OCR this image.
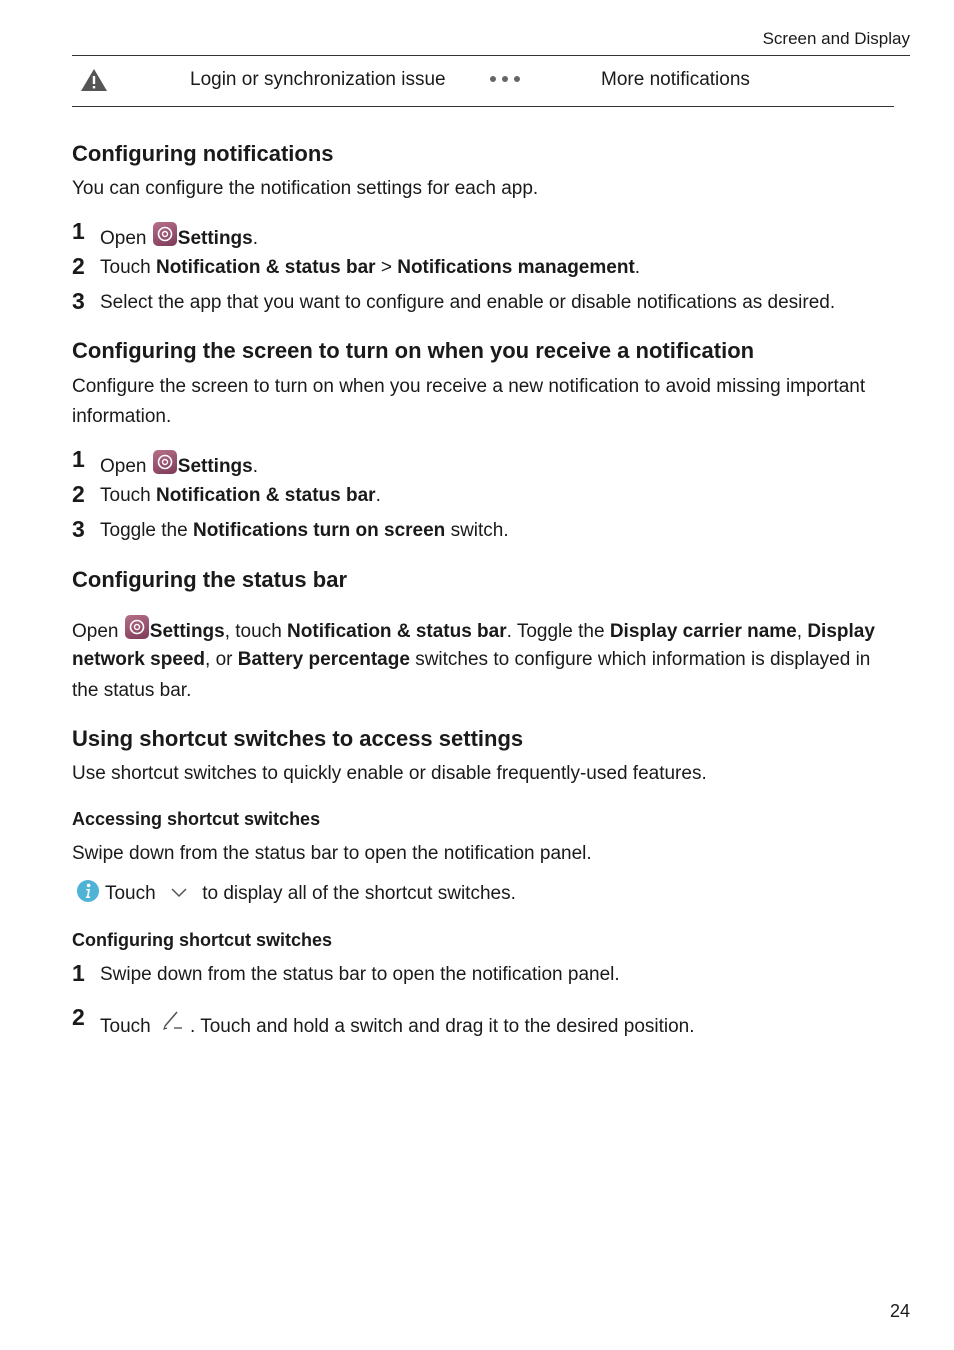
Screen and Display
Login or synchronization issue	More notifications
Configuring notifications
You can configure the notification settings for each app.
1 Open Settings.
2 Touch Notification & status bar > Notifications management.
3 Select the app that you want to configure and enable or disable notifications as desired.
Configuring the screen to turn on when you receive a notification
Configure the screen to turn on when you receive a new notification to avoid missing important
information.
1 Open Settings.
2 Touch Notification & status bar.
3 Toggle the Notifications turn on screen switch.
Configuring the status bar
Open Settings, touch Notification & status bar. Toggle the Display carrier name, Display
network speed, or Battery percentage switches to configure which information is displayed in
the status bar.
Using shortcut switches to access settings
Use shortcut switches to quickly enable or disable frequently-used features.
Accessing shortcut switches
Swipe down from the status bar to open the notification panel.
Touch to display all of the shortcut switches.
Configuring shortcut switches
1 Swipe down from the status bar to open the notification panel.
2 Touch . Touch and hold a switch and drag it to the desired position.
24
